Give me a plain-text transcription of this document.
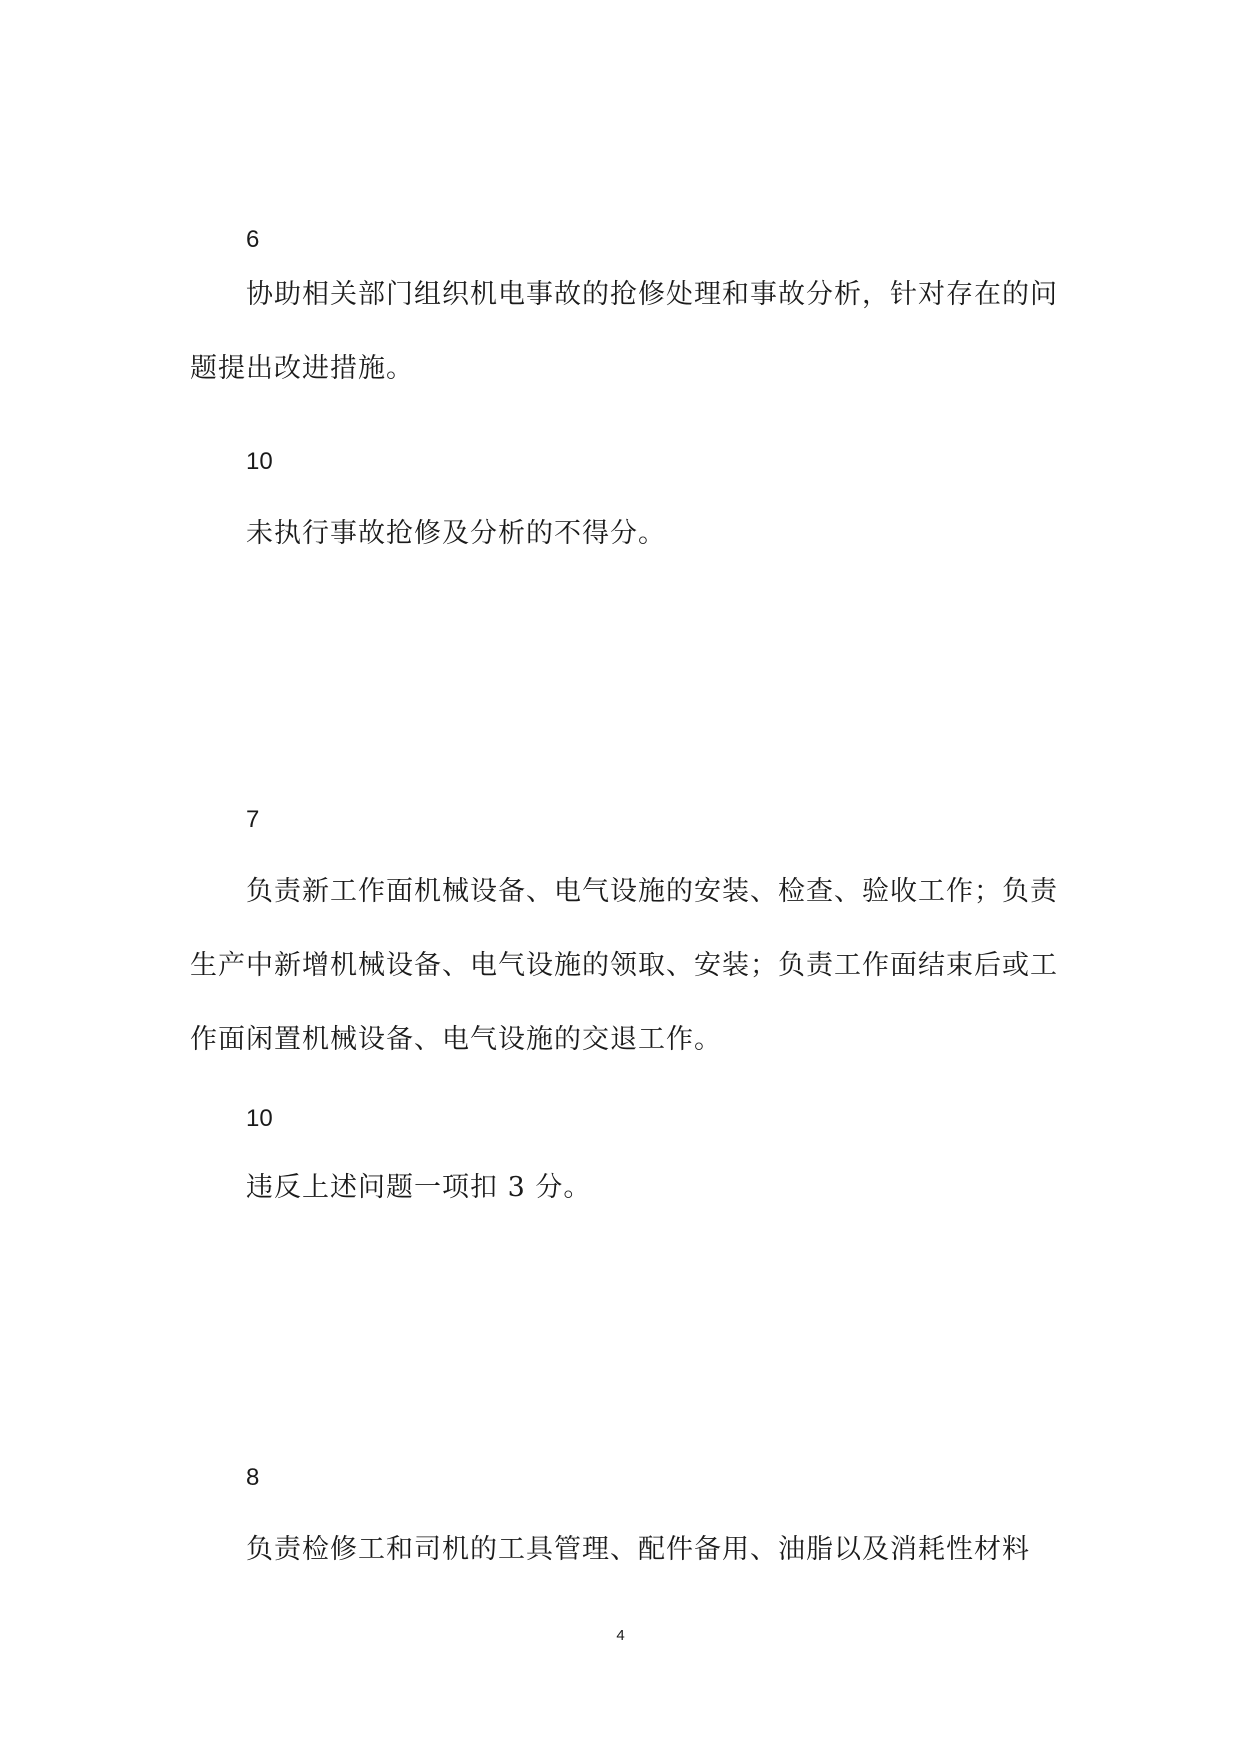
6

协助相关部门组织机电事故的抢修处理和事故分析，针对存在的问题提出改进措施。

10

未执行事故抢修及分析的不得分。

7

负责新工作面机械设备、电气设施的安装、检查、验收工作；负责生产中新增机械设备、电气设施的领取、安装；负责工作面结束后或工作面闲置机械设备、电气设施的交退工作。

10

违反上述问题一项扣 3 分。

8

负责检修工和司机的工具管理、配件备用、油脂以及消耗性材料

4
